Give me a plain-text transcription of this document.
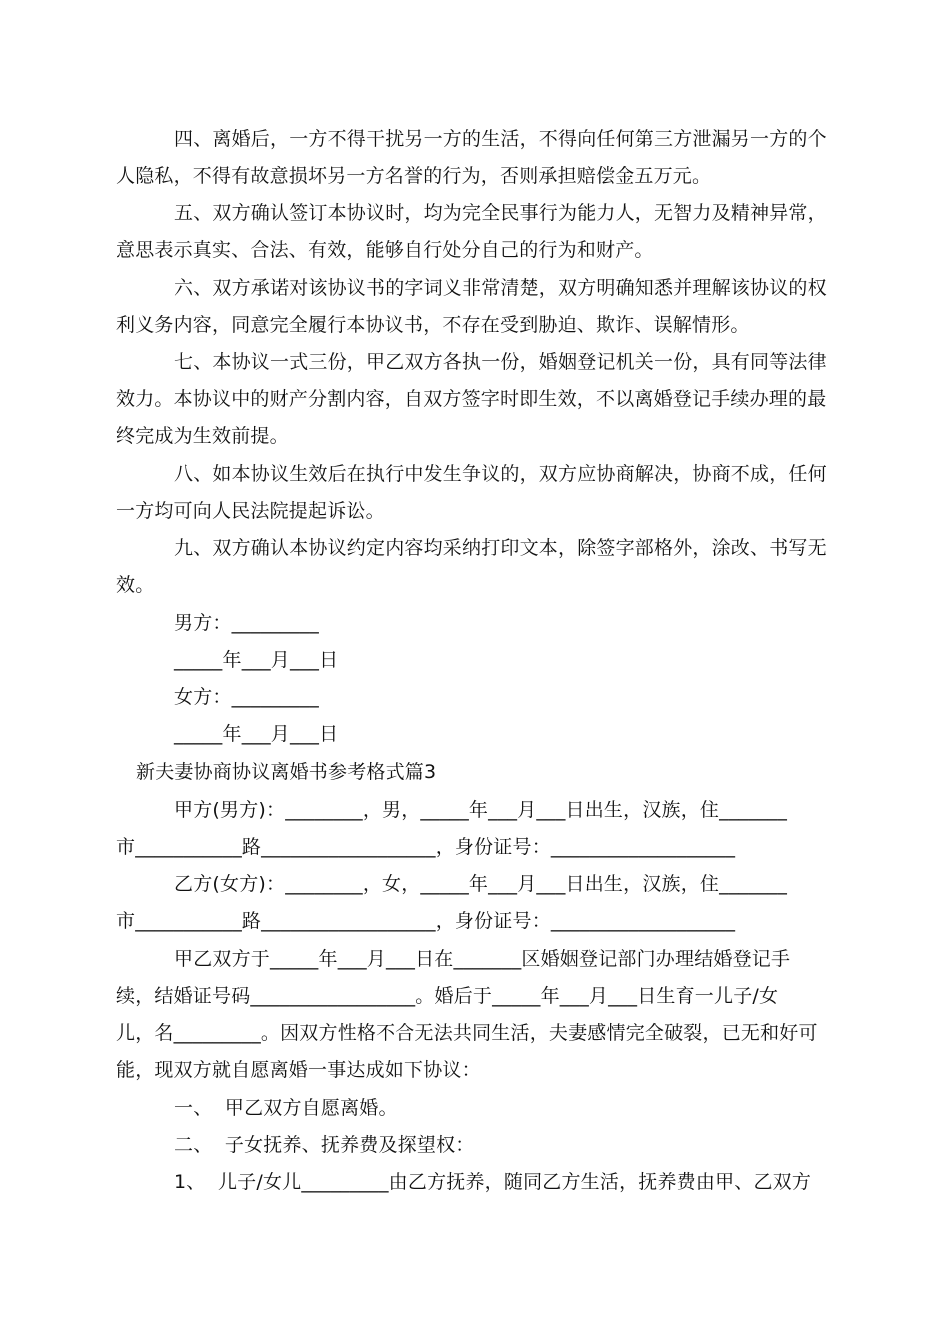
四、离婚后，一方不得干扰另一方的生活，不得向任何第三方泄漏另一方的个
人隐私，不得有故意损坏另一方名誉的行为，否则承担赔偿金五万元。
五、双方确认签订本协议时，均为完全民事行为能力人，无智力及精神异常，
意思表示真实、合法、有效，能够自行处分自己的行为和财产。
六、双方承诺对该协议书的字词义非常清楚，双方明确知悉并理解该协议的权
利义务内容，同意完全履行本协议书，不存在受到胁迫、欺诈、误解情形。
七、本协议一式三份，甲乙双方各执一份，婚姻登记机关一份，具有同等法律
效力。本协议中的财产分割内容，自双方签字时即生效，不以离婚登记手续办理的最
终完成为生效前提。
八、如本协议生效后在执行中发生争议的，双方应协商解决，协商不成，任何
一方均可向人民法院提起诉讼。
九、双方确认本协议约定内容均采纳打印文本，除签字部格外，涂改、书写无
效。
男方：_________
_____年___月___日
女方：_________
_____年___月___日
新夫妻协商协议离婚书参考格式篇3
甲方(男方)：________，男，_____年___月___日出生，汉族，住_______
市___________路__________________，身份证号：___________________
乙方(女方)：________，女，_____年___月___日出生，汉族，住_______
市___________路__________________，身份证号：___________________
甲乙双方于_____年___月___日在_______区婚姻登记部门办理结婚登记手
续，结婚证号码_________________。婚后于_____年___月___日生育一儿子/女
儿，名_________。因双方性格不合无法共同生活，夫妻感情完全破裂，已无和好可
能，现双方就自愿离婚一事达成如下协议：
一、  甲乙双方自愿离婚。
二、  子女抚养、抚养费及探望权：
1、  儿子/女儿_________由乙方抚养，随同乙方生活，抚养费由甲、乙双方
